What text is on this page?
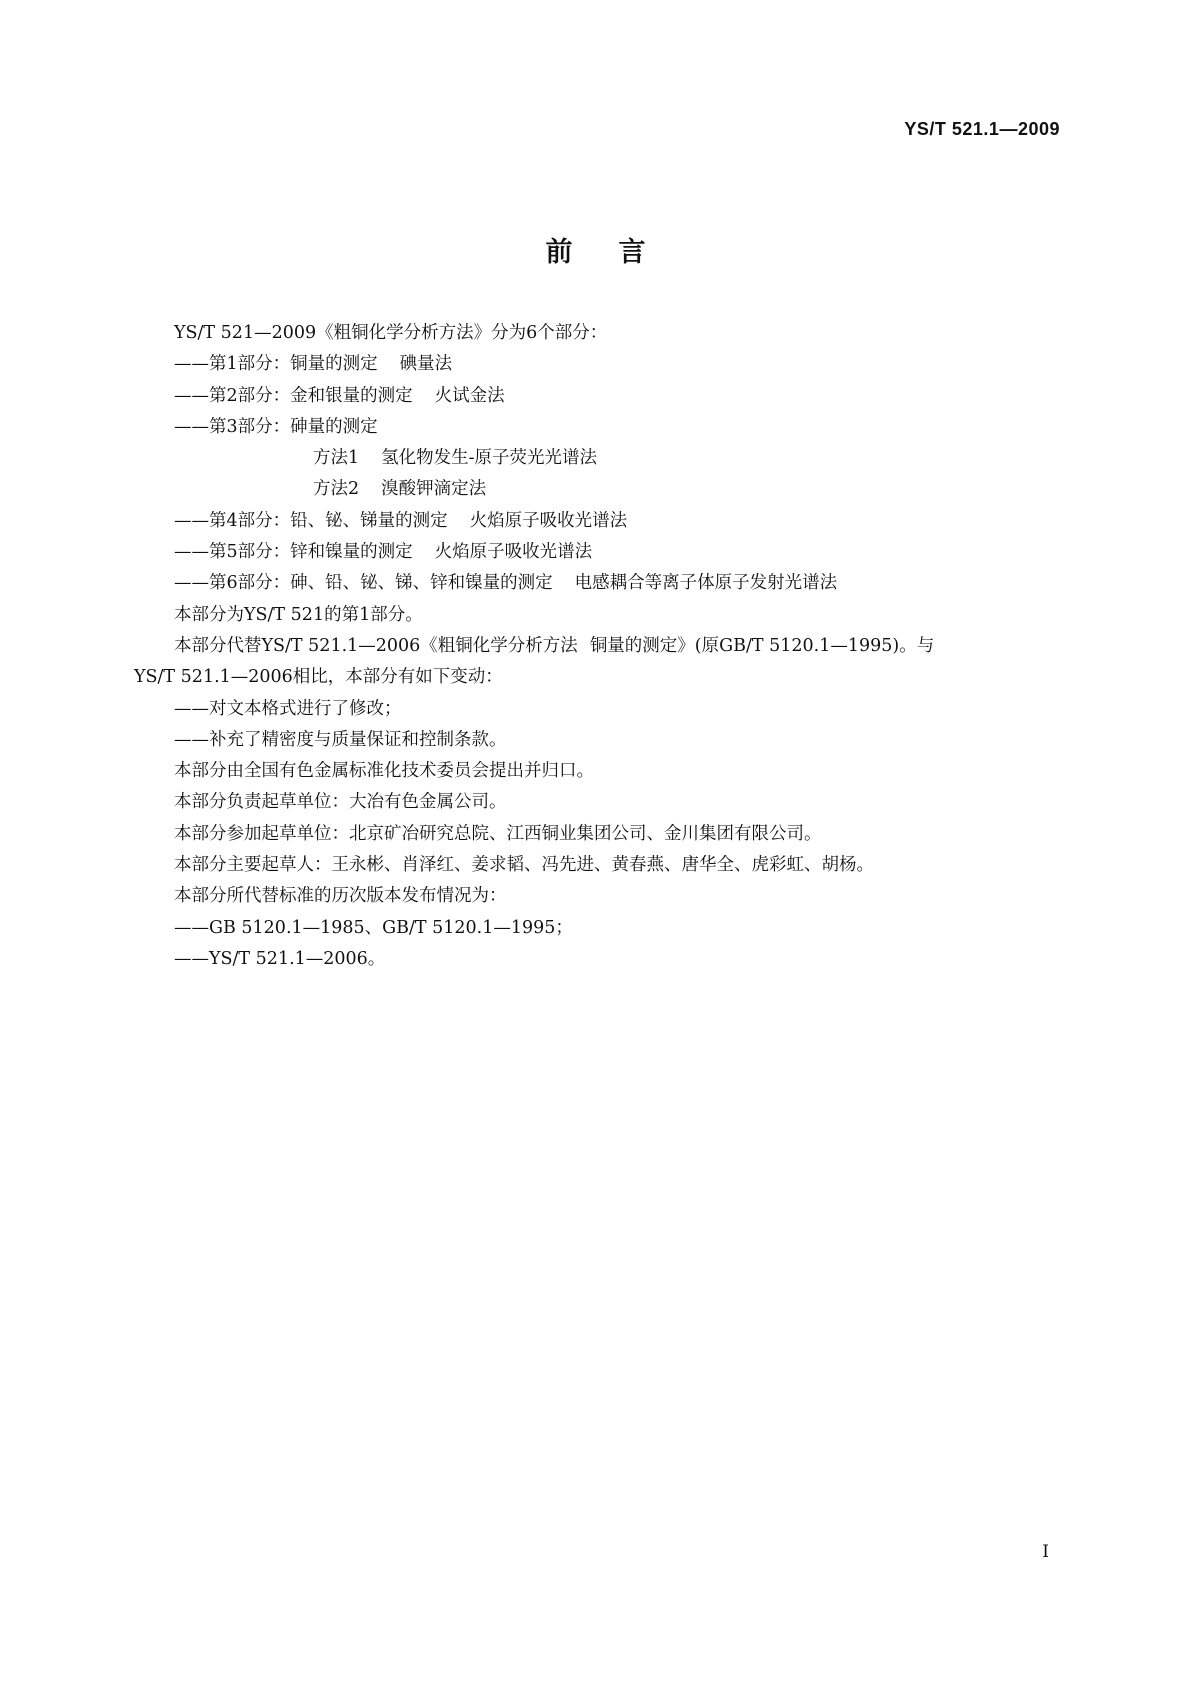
YS/T 521.1—2009
前言
YS/T 521—2009《粗铜化学分析方法》分为6个部分：
——第1部分：铜量的测定 碘量法
——第2部分：金和银量的测定 火试金法
——第3部分：砷量的测定
方法1 氢化物发生-原子荧光光谱法
方法2 溴酸钾滴定法
——第4部分：铅、铋、锑量的测定 火焰原子吸收光谱法
——第5部分：锌和镍量的测定 火焰原子吸收光谱法
——第6部分：砷、铅、铋、锑、锌和镍量的测定 电感耦合等离子体原子发射光谱法
本部分为YS/T 521的第1部分。
本部分代替YS/T 521.1—2006《粗铜化学分析方法 铜量的测定》(原GB/T 5120.1—1995)。与
YS/T 521.1—2006相比，本部分有如下变动：
——对文本格式进行了修改；
——补充了精密度与质量保证和控制条款。
本部分由全国有色金属标准化技术委员会提出并归口。
本部分负责起草单位：大冶有色金属公司。
本部分参加起草单位：北京矿冶研究总院、江西铜业集团公司、金川集团有限公司。
本部分主要起草人：王永彬、肖泽红、姜求韬、冯先进、黄春燕、唐华全、虎彩虹、胡杨。
本部分所代替标准的历次版本发布情况为：
——GB 5120.1—1985、GB/T 5120.1—1995；
——YS/T 521.1—2006。
I
